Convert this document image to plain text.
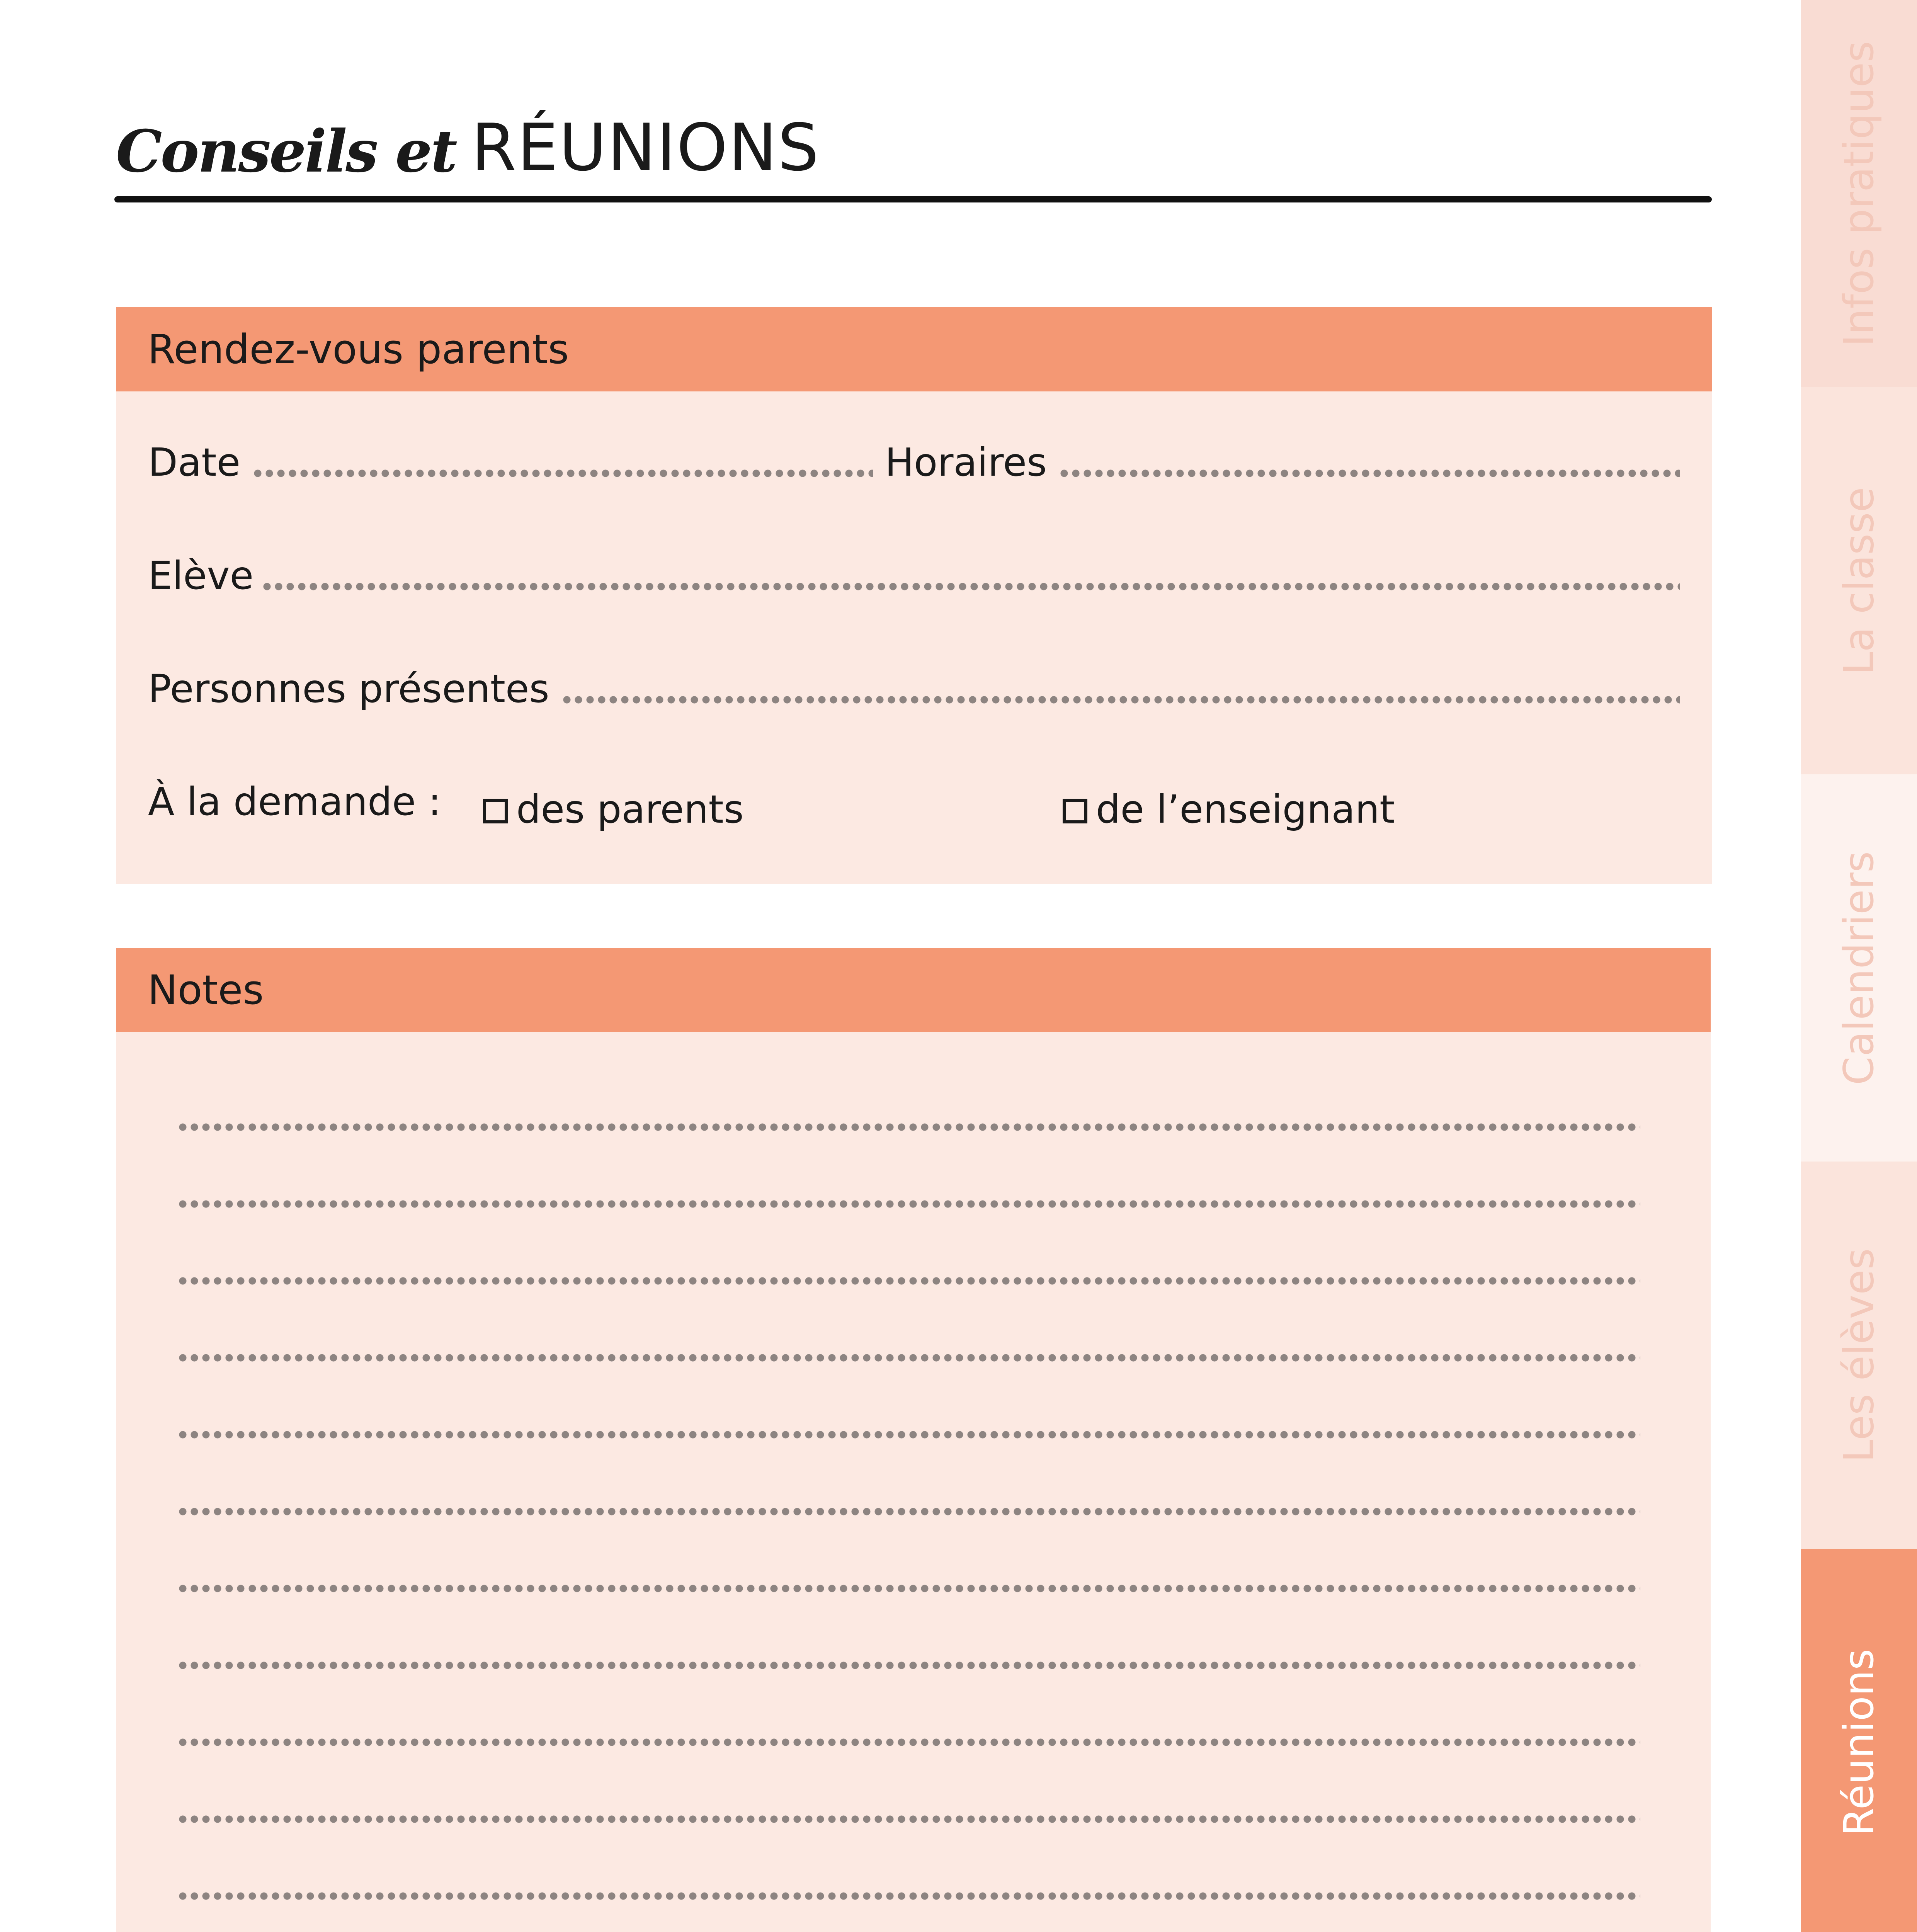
Conseils et RÉUNIONS
Rendez-vous parents
Date	Horaires
Elève
Personnes présentes
À la demande :	des parents	de l’enseignant
Notes
Infos pratiques
La classe
Calendriers
Les élèves
Réunions
